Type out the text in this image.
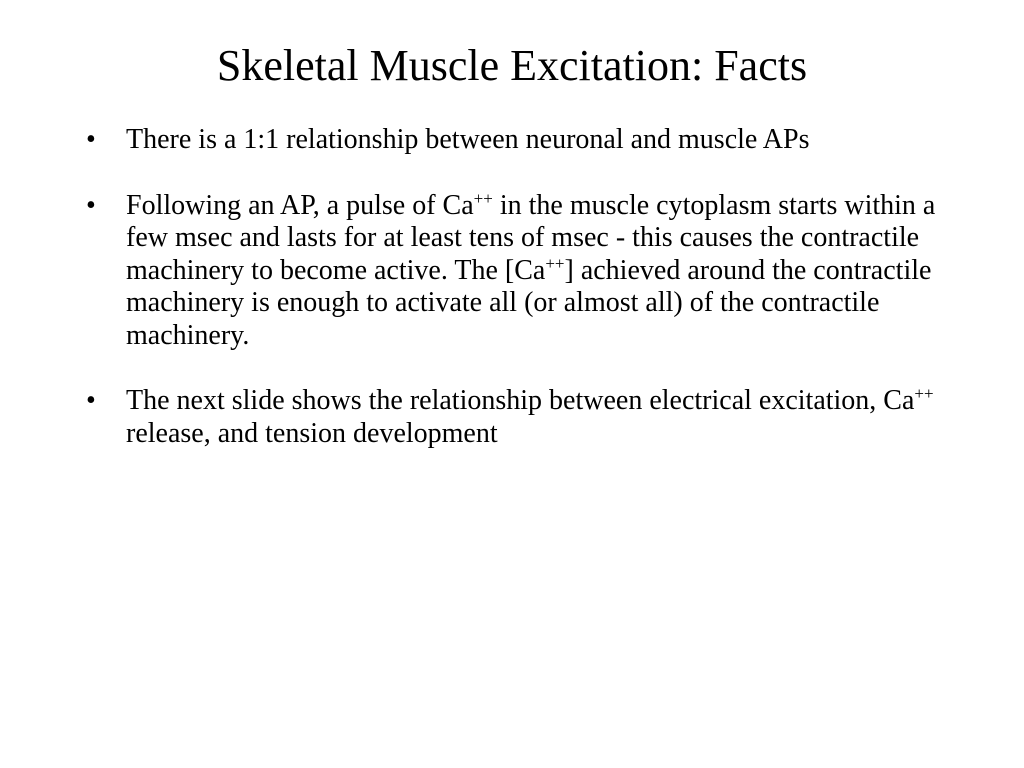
Skeletal Muscle Excitation: Facts
• There is a 1:1 relationship between neuronal and muscle APs
• Following an AP, a pulse of Ca++ in the muscle cytoplasm starts within a few msec and lasts for at least tens of msec - this causes the contractile machinery to become active. The [Ca++] achieved around the contractile machinery is enough to activate all (or almost all) of the contractile machinery.
• The next slide shows the relationship between electrical excitation, Ca++ release, and tension development
